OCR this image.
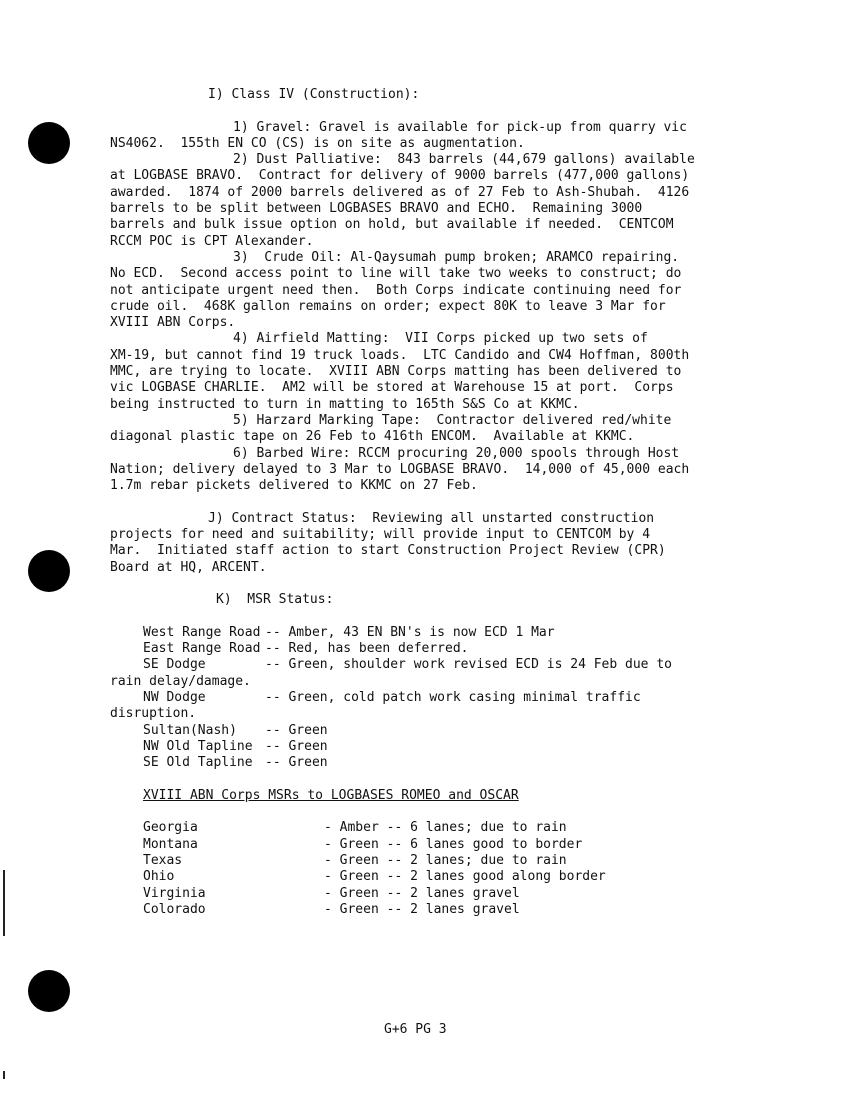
I) Class IV (Construction):
1) Gravel: Gravel is available for pick-up from quarry vic
NS4062.  155th EN CO (CS) is on site as augmentation.
2) Dust Palliative:  843 barrels (44,679 gallons) available
at LOGBASE BRAVO.  Contract for delivery of 9000 barrels (477,000 gallons)
awarded.  1874 of 2000 barrels delivered as of 27 Feb to Ash-Shubah.  4126
barrels to be split between LOGBASES BRAVO and ECHO.  Remaining 3000
barrels and bulk issue option on hold, but available if needed.  CENTCOM
RCCM POC is CPT Alexander.
3)  Crude Oil: Al-Qaysumah pump broken; ARAMCO repairing.
No ECD.  Second access point to line will take two weeks to construct; do
not anticipate urgent need then.  Both Corps indicate continuing need for
crude oil.  468K gallon remains on order; expect 80K to leave 3 Mar for
XVIII ABN Corps.
4) Airfield Matting:  VII Corps picked up two sets of
XM-19, but cannot find 19 truck loads.  LTC Candido and CW4 Hoffman, 800th
MMC, are trying to locate.  XVIII ABN Corps matting has been delivered to
vic LOGBASE CHARLIE.  AM2 will be stored at Warehouse 15 at port.  Corps
being instructed to turn in matting to 165th S&S Co at KKMC.
5) Harzard Marking Tape:  Contractor delivered red/white
diagonal plastic tape on 26 Feb to 416th ENCOM.  Available at KKMC.
6) Barbed Wire: RCCM procuring 20,000 spools through Host
Nation; delivery delayed to 3 Mar to LOGBASE BRAVO.  14,000 of 45,000 each
1.7m rebar pickets delivered to KKMC on 27 Feb.
J) Contract Status:  Reviewing all unstarted construction
projects for need and suitability; will provide input to CENTCOM by 4
Mar.  Initiated staff action to start Construction Project Review (CPR)
Board at HQ, ARCENT.
K)  MSR Status:
West Range Road -- Amber, 43 EN BN's is now ECD 1 Mar
East Range Road -- Red, has been deferred.
SE Dodge	-- Green, shoulder work revised ECD is 24 Feb due to
rain delay/damage.
NW Dodge	-- Green, cold patch work casing minimal traffic
disruption.
Sultan(Nash)	-- Green
NW Old Tapline -- Green
SE Old Tapline -- Green
XVIII ABN Corps MSRs to LOGBASES ROMEO and OSCAR
Georgia	- Amber -- 6 lanes; due to rain
Montana	- Green -- 6 lanes good to border
Texas	- Green -- 2 lanes; due to rain
Ohio	- Green -- 2 lanes good along border
Virginia	- Green -- 2 lanes gravel
Colorado	- Green -- 2 lanes gravel
G+6 PG 3
